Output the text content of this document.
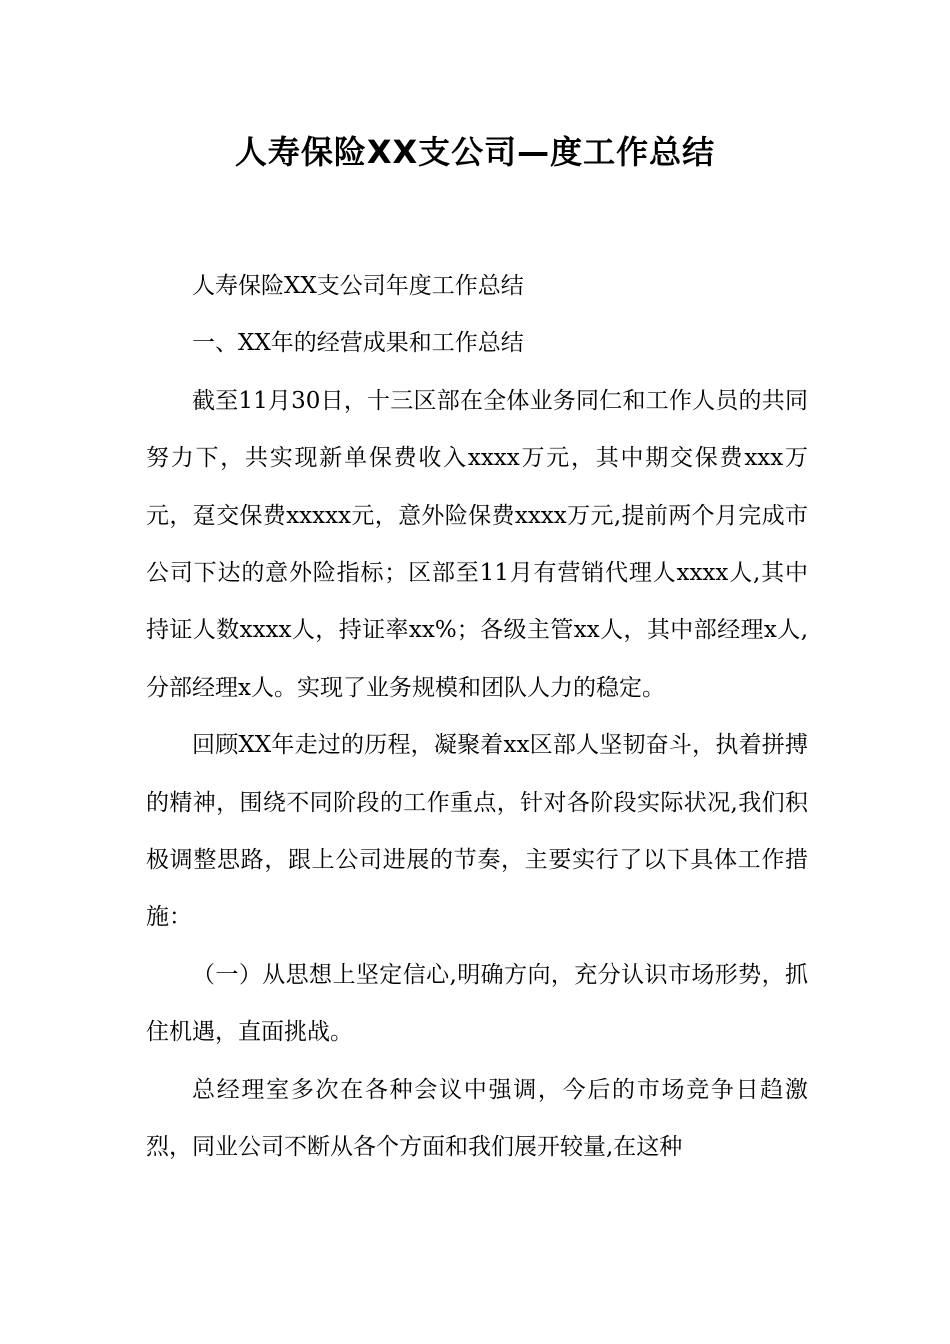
人寿保险XX支公司—度工作总结

人寿保险XX支公司年度工作总结

一、XX年的经营成果和工作总结

截至11月30日，十三区部在全体业务同仁和工作人员的共同努力下，共实现新单保费收入xxxx万元，其中期交保费xxx万元，趸交保费xxxxx元，意外险保费xxxx万元,提前两个月完成市公司下达的意外险指标；区部至11月有营销代理人xxxx人,其中持证人数xxxx人，持证率xx%；各级主管xx人，其中部经理x人,分部经理x人。实现了业务规模和团队人力的稳定。

回顾XX年走过的历程，凝聚着xx区部人坚韧奋斗，执着拼搏的精神，围绕不同阶段的工作重点，针对各阶段实际状况,我们积极调整思路，跟上公司进展的节奏，主要实行了以下具体工作措施：

（一）从思想上坚定信心,明确方向，充分认识市场形势，抓住机遇，直面挑战。

总经理室多次在各种会议中强调，今后的市场竞争日趋激烈，同业公司不断从各个方面和我们展开较量,在这种
